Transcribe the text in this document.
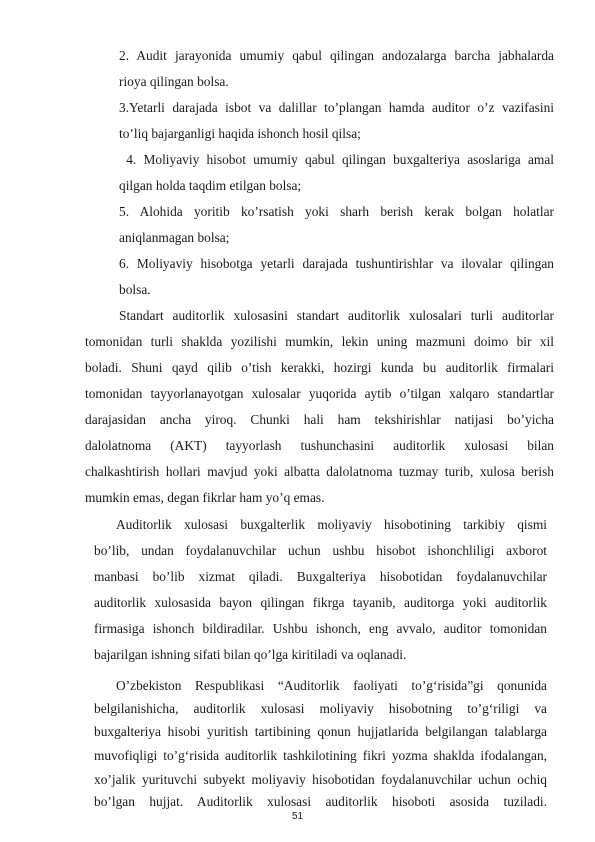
2. Audit jarayonida umumiy qabul qilingan andozalarga barcha jabhalarda
rioya qilingan bolsa.
3.Yetarli darajada isbot va dalillar to’plangan hamda auditor o’z vazifasini
to’liq bajarganligi haqida ishonch hosil qilsa;
4. Moliyaviy hisobot umumiy qabul qilingan buxgalteriya asoslariga amal
qilgan holda taqdim etilgan bolsa;
5. Alohida yoritib ko’rsatish yoki sharh berish kerak bolgan holatlar
aniqlanmagan bolsa;
6. Moliyaviy hisobotga yetarli darajada tushuntirishlar va ilovalar qilingan
bolsa.
Standart auditorlik xulosasini standart auditorlik xulosalari turli auditorlar
tomonidan turli shaklda yozilishi mumkin, lekin uning mazmuni doimo bir xil
boladi. Shuni qayd qilib o’tish kerakki, hozirgi kunda bu auditorlik firmalari
tomonidan tayyorlanayotgan xulosalar yuqorida aytib o’tilgan xalqaro standartlar
darajasidan ancha yiroq. Chunki hali ham tekshirishlar natijasi bo’yicha
dalolatnoma (AKT) tayyorlash tushunchasini auditorlik xulosasi bilan
chalkashtirish hollari mavjud yoki albatta dalolatnoma tuzmay turib, xulosa berish
mumkin emas, degan fikrlar ham yo’q emas.
Auditorlik xulosasi buxgalterlik moliyaviy hisobotining tarkibiy qismi
bo’lib, undan foydalanuvchilar uchun ushbu hisobot ishonchliligi axborot
manbasi bo’lib xizmat qiladi. Buxgalteriya hisobotidan foydalanuvchilar
auditorlik xulosasida bayon qilingan fikrga tayanib, auditorga yoki auditorlik
firmasiga ishonch bildiradilar. Ushbu ishonch, eng avvalo, auditor tomonidan
bajarilgan ishning sifati bilan qo’lga kiritiladi va oqlanadi.
O’zbekiston Respublikasi “Auditorlik faoliyati to’g‘risida”gi qonunida
belgilanishicha, auditorlik xulosasi moliyaviy hisobotning to’g‘riligi va
buxgalteriya hisobi yuritish tartibining qonun hujjatlarida belgilangan talablarga
muvofiqligi to’g‘risida auditorlik tashkilotining fikri yozma shaklda ifodalangan,
xo’jalik yurituvchi subyekt moliyaviy hisobotidan foydalanuvchilar uchun ochiq
bo’lgan hujjat. Auditorlik xulosasi auditorlik hisoboti asosida tuziladi.
51
